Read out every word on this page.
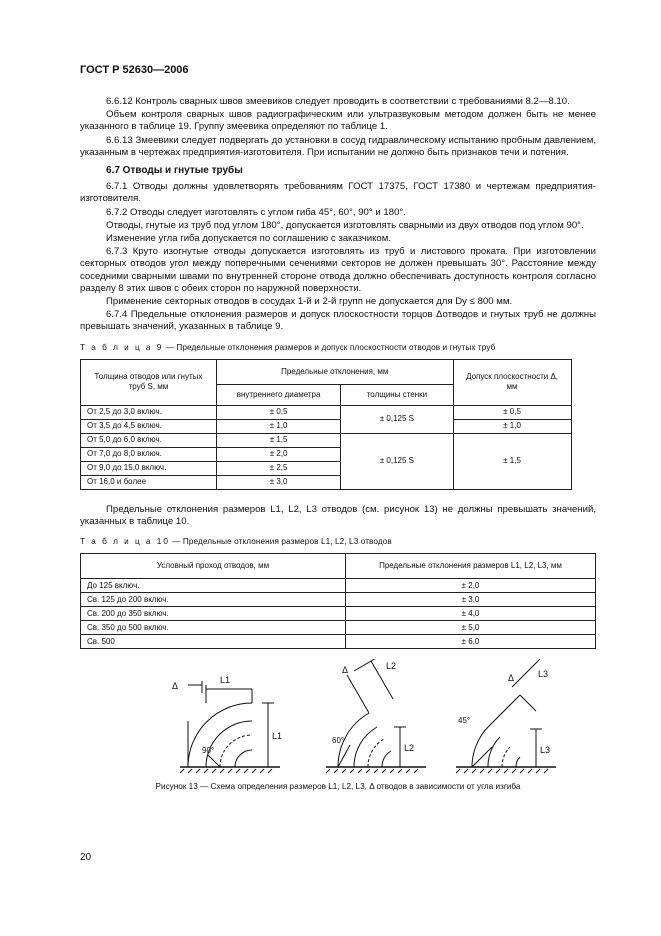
ГОСТ Р 52630—2006

6.6.12 Контроль сварных швов змеевиков следует проводить в соответствии с требованиями 8.2—8.10.

Объем контроля сварных швов радиографическим или ультразвуковым методом должен быть не менее указанного в таблице 19. Группу змеевика определяют по таблице 1.

6.6.13 Змеевики следует подвергать до установки в сосуд гидравлическому испытанию пробным давлением, указанным в чертежах предприятия-изготовителя. При испытании не должно быть признаков течи и потения.

6.7 Отводы и гнутые трубы

6.7.1 Отводы должны удовлетворять требованиям ГОСТ 17375, ГОСТ 17380 и чертежам предприятия-изготовителя.

6.7.2 Отводы следует изготовлять с углом гиба 45°, 60°, 90° и 180°.

Отводы, гнутые из труб под углом 180°, допускается изготовлять сварными из двух отводов под углом 90°.

Изменение угла гиба допускается по соглашению с заказчиком.

6.7.3 Круто изогнутые отводы допускается изготовлять из труб и листового проката. При изготовлении секторных отводов угол между поперечными сечениями секторов не должен превышать 30°. Расстояние между соседними сварными швами по внутренней стороне отвода должно обеспечивать доступность контроля согласно разделу 8 этих швов с обеих сторон по наружной поверхности.

Применение секторных отводов в сосудах 1-й и 2-й групп не допускается для Dy ≤ 800 мм.

6.7.4 Предельные отклонения размеров и допуск плоскостности торцов Δотводов и гнутых труб не должны превышать значений, указанных в таблице 9.

Т а б л и ц а 9 — Предельные отклонения размеров и допуск плоскостности отводов и гнутых труб
Толщина отводов или гнутых труб S, мм	Предельные отклонения, мм		Допуск плоскостности Δ, мм		
	внутреннего диаметра	толщины стенки			
От 2,5 до 3,0 включ.	± 0,5	± 0,125 S	± 0,5		
От 3,5 до 4,5 включ.	± 1,0		± 1,0		
От 5,0 до 6,0 включ.	± 1,5	± 0,125 S	± 1,5		
От 7,0 до 8,0 включ.	± 2,0				
От 9,0 до 15,0 включ.	± 2,5				
От 16,0 и более	± 3,0				

Предельные отклонения размеров L1, L2, L3 отводов (см. рисунок 13) не должны превышать значений, указанных в таблице 10.

Т а б л и ц а 10 — Предельные отклонения размеров L1, L2, L3 отводов
Условный проход отводов, мм	Предельные отклонения размеров L1, L2, L3, мм
До 125 включ.	± 2,0
Св. 125 до 200 включ.	± 3,0
Св. 200 до 350 включ.	± 4,0
Св. 350 до 500 включ.	± 5,0
Св. 500	± 6,0
Δ
L1
L1
90°
Δ	L2
L2
60°
Δ	L3
L3
45°
Рисунок 13 — Схема определения размеров L1, L2, L3, Δ отводов в зависимости от угла изгиба
20
